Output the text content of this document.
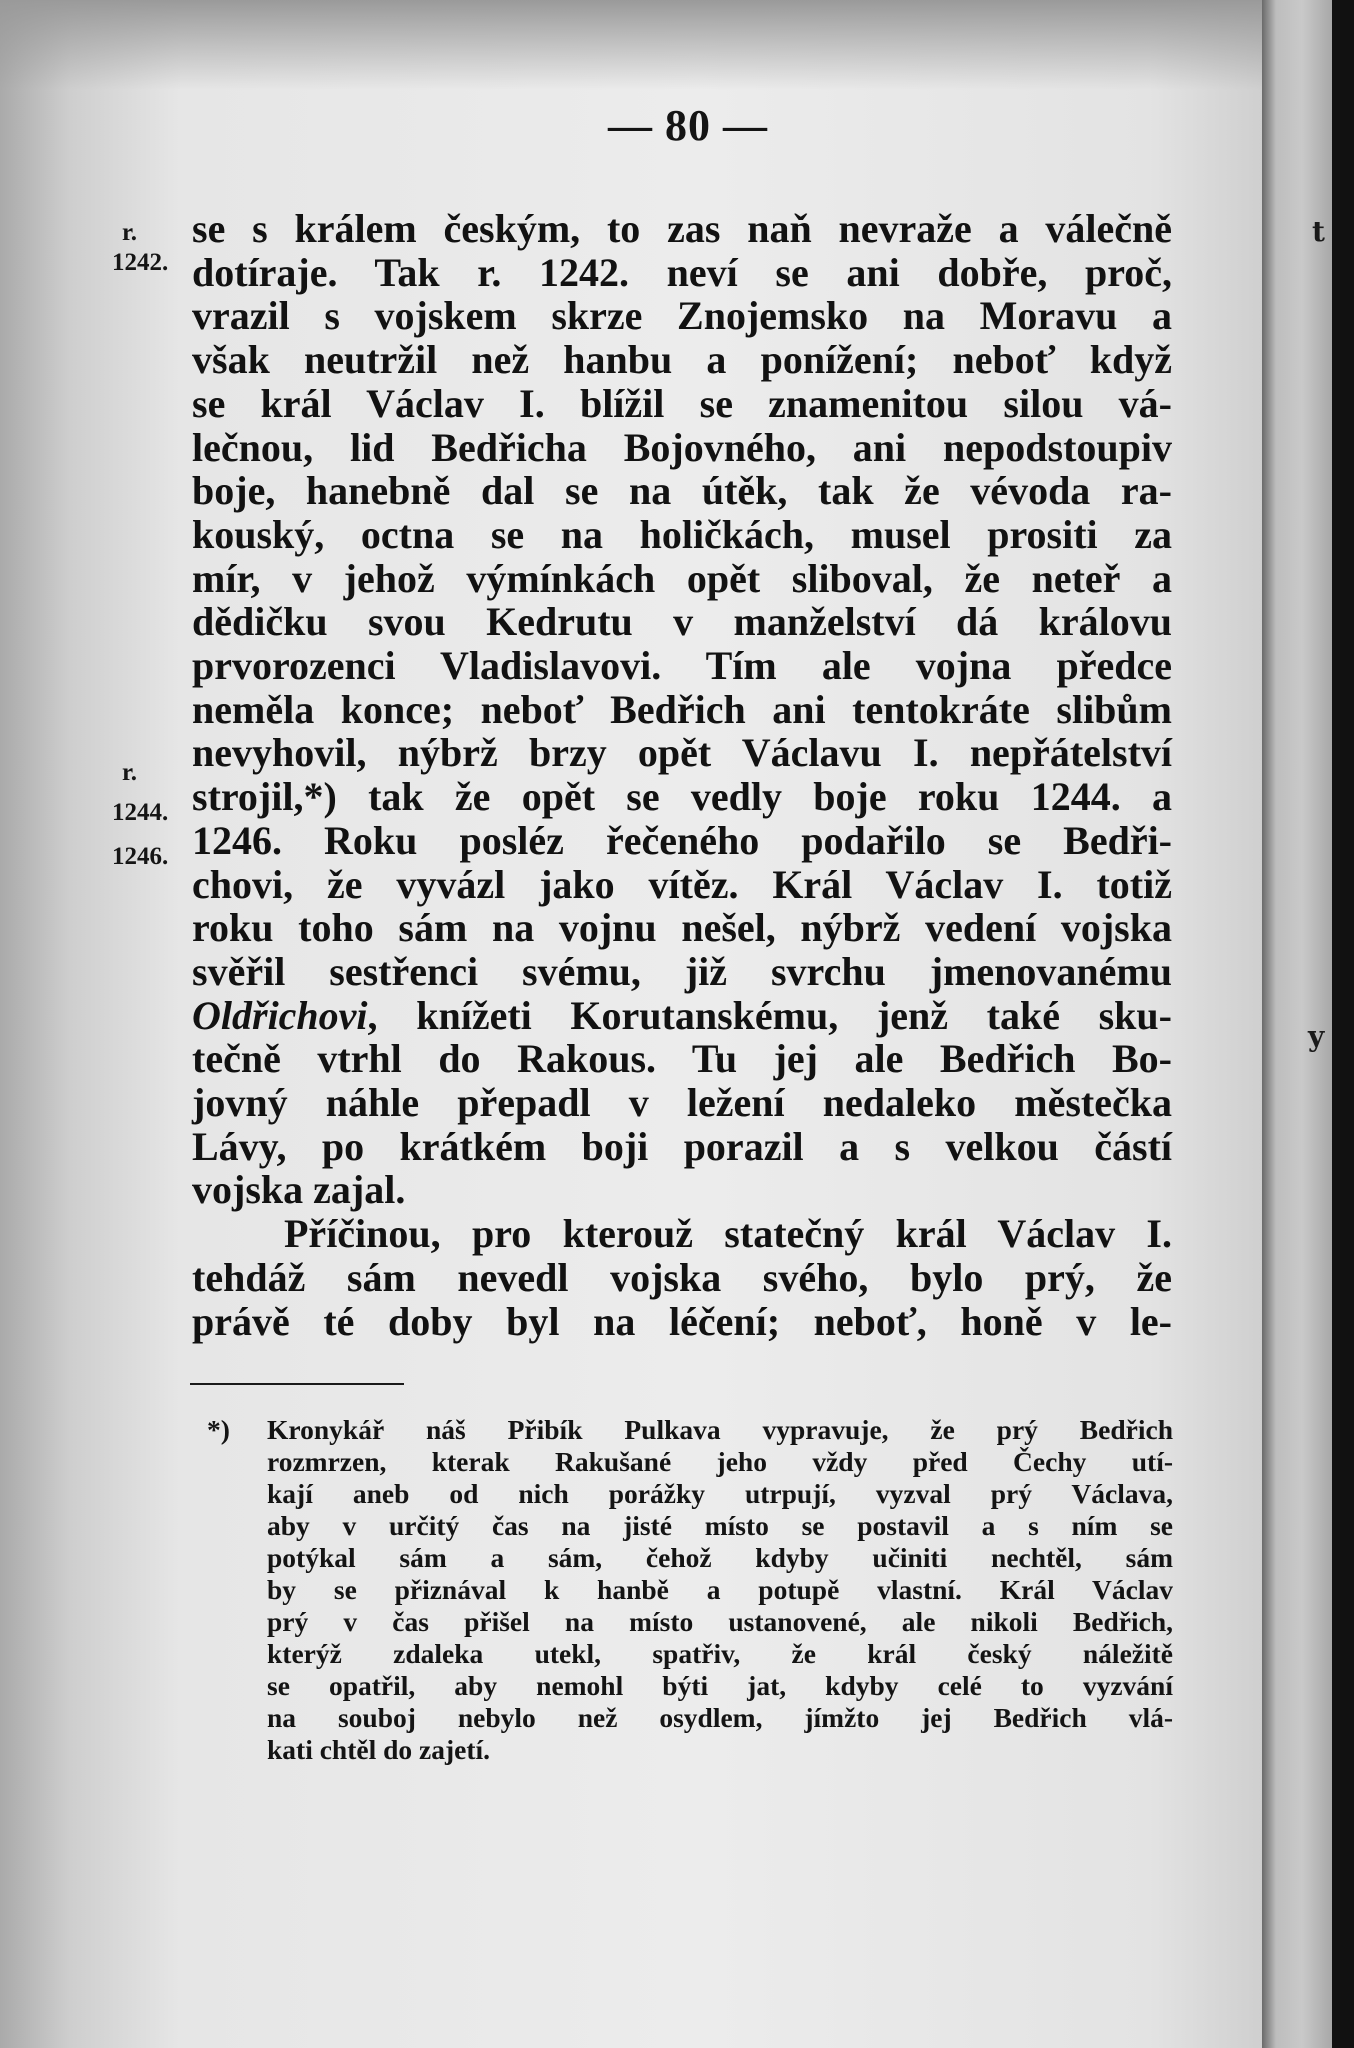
— 80 —
r.
1242.
r.
1244.
1246.
se s králem českým, to zas naň nevraže a válečně
dotíraje. Tak r. 1242. neví se ani dobře, proč,
vrazil s vojskem skrze Znojemsko na Moravu a
však neutržil než hanbu a ponížení; neboť když
se král Václav I. blížil se znamenitou silou vá-
lečnou, lid Bedřicha Bojovného, ani nepodstoupiv
boje, hanebně dal se na útěk, tak že vévoda ra-
kouský, octna se na holičkách, musel prositi za
mír, v jehož výmínkách opět sliboval, že neteř a
dědičku svou Kedrutu v manželství dá královu
prvorozenci Vladislavovi. Tím ale vojna předce
neměla konce; neboť Bedřich ani tentokráte slibům
nevyhovil, nýbrž brzy opět Václavu I. nepřátelství
strojil,*) tak že opět se vedly boje roku 1244. a
1246. Roku posléz řečeného podařilo se Bedři-
chovi, že vyvázl jako vítěz. Král Václav I. totiž
roku toho sám na vojnu nešel, nýbrž vedení vojska
svěřil sestřenci svému, již svrchu jmenovanému
Oldřichovi, knížeti Korutanskému, jenž také sku-
tečně vtrhl do Rakous. Tu jej ale Bedřich Bo-
jovný náhle přepadl v ležení nedaleko městečka
Lávy, po krátkém boji porazil a s velkou částí
vojska zajal.
Příčinou, pro kterouž statečný král Václav I.
tehdáž sám nevedl vojska svého, bylo prý, že
právě té doby byl na léčení; neboť, honě v le-
*)	Kronykář náš Přibík Pulkava vypravuje, že prý Bedřich
rozmrzen, kterak Rakušané jeho vždy před Čechy utí-
kají aneb od nich porážky utrpují, vyzval prý Václava,
aby v určitý čas na jisté místo se postavil a s ním se
potýkal sám a sám, čehož kdyby učiniti nechtěl, sám
by se přiznával k hanbě a potupě vlastní. Král Václav
prý v čas přišel na místo ustanovené, ale nikoli Bedřich,
kterýž zdaleka utekl, spatřiv, že král český náležitě
se opatřil, aby nemohl býti jat, kdyby celé to vyzvání
na souboj nebylo než osydlem, jímžto jej Bedřich vlá-
kati chtěl do zajetí.
t
y
